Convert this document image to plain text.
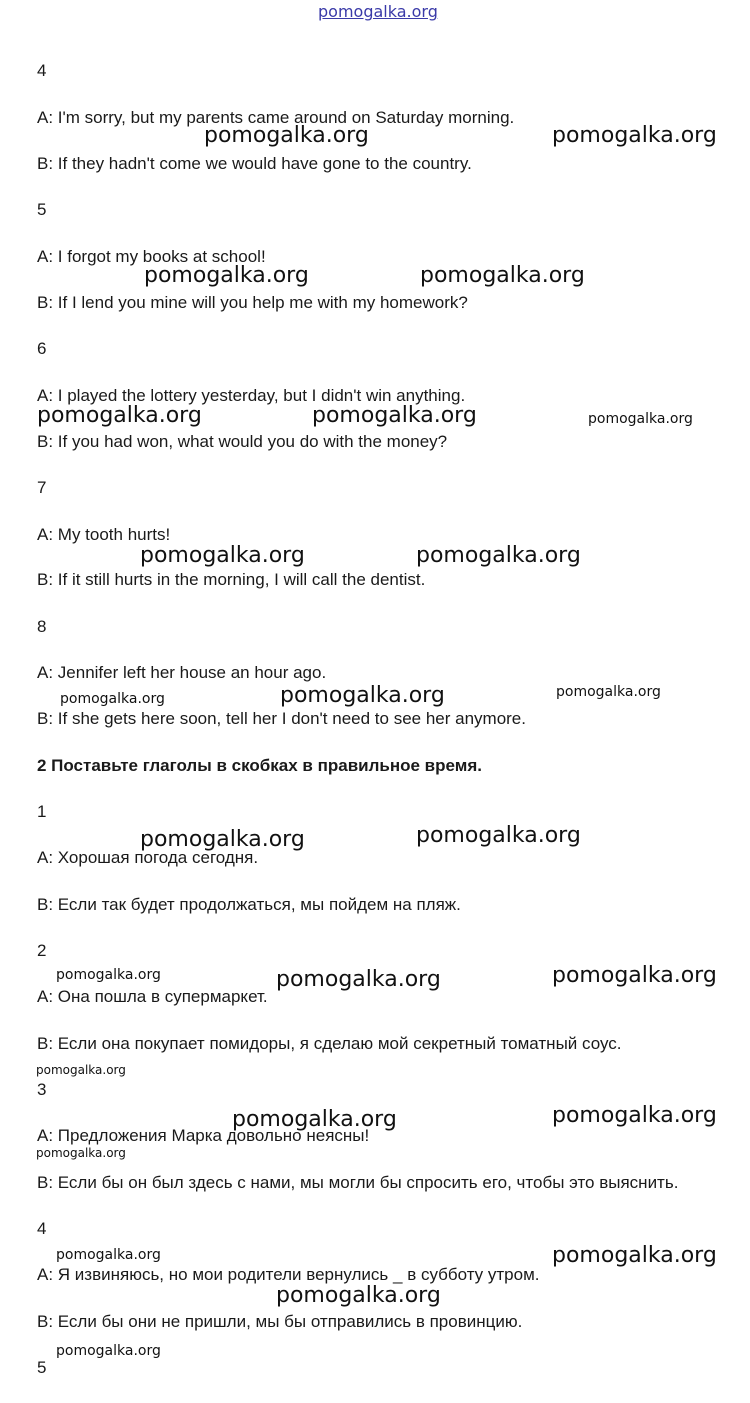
pomogalka.org
4
A: I'm sorry, but my parents came around on Saturday morning.
B: If they hadn't come we would have gone to the country.
5
A: I forgot my books at school!
B: If I lend you mine will you help me with my homework?
6
A: I played the lottery yesterday, but I didn't win anything.
B: If you had won, what would you do with the money?
7
A: My tooth hurts!
B: If it still hurts in the morning, I will call the dentist.
8
A: Jennifer left her house an hour ago.
B: If she gets here soon, tell her I don't need to see her anymore.
2 Поставьте глаголы в скобках в правильное время.
1
A: Хорошая погода сегодня.
B: Если так будет продолжаться, мы пойдем на пляж.
2
A: Она пошла в супермаркет.
B: Если она покупает помидоры, я сделаю мой секретный томатный соус.
3
A: Предложения Марка довольно неясны!
B: Если бы он был здесь с нами, мы могли бы спросить его, чтобы это выяснить.
4
A: Я извиняюсь, но мои родители вернулись _ в субботу утром.
B: Если бы они не пришли, мы бы отправились в провинцию.
5
pomogalka.org	pomogalka.org
pomogalka.org	pomogalka.org
pomogalka.org	pomogalka.org	pomogalka.org
pomogalka.org	pomogalka.org
pomogalka.org	pomogalka.org	pomogalka.org
pomogalka.org	pomogalka.org
pomogalka.org	pomogalka.org	pomogalka.org
pomogalka.org
pomogalka.org	pomogalka.org
pomogalka.org
pomogalka.org	pomogalka.org
pomogalka.org
pomogalka.org
